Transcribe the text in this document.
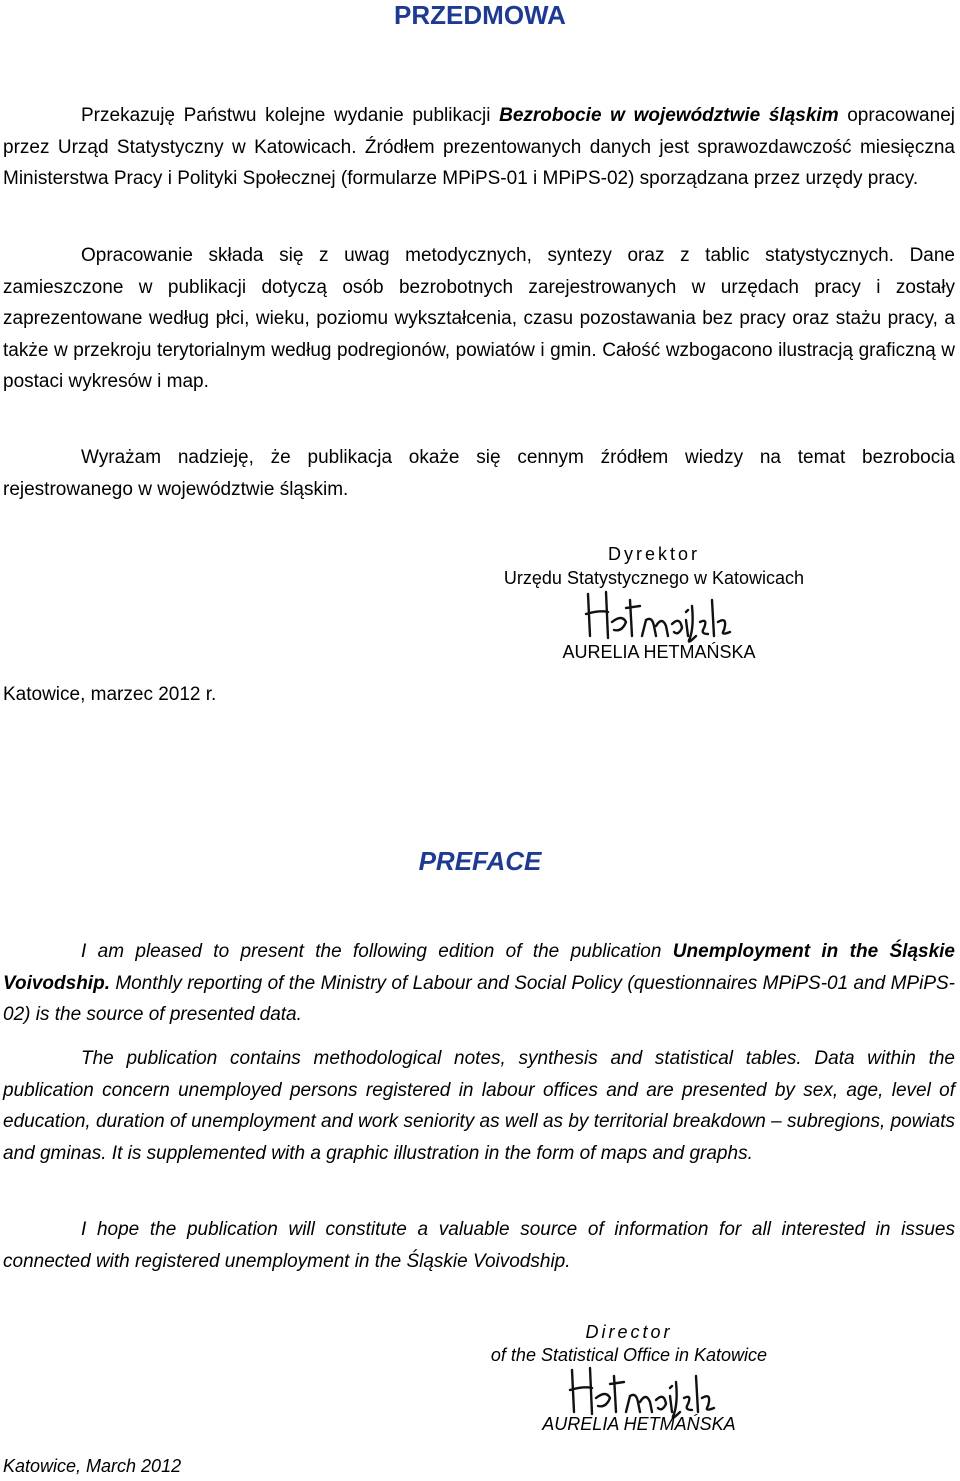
PRZEDMOWA

Przekazuję Państwu kolejne wydanie publikacji Bezrobocie w województwie śląskim opracowanej przez Urząd Statystyczny w Katowicach. Źródłem prezentowanych danych jest sprawozdawczość miesięczna Ministerstwa Pracy i Polityki Społecznej (formularze MPiPS-01 i MPiPS-02) sporządzana przez urzędy pracy.

Opracowanie składa się z uwag metodycznych, syntezy oraz z tablic statystycznych. Dane zamieszczone w publikacji dotyczą osób bezrobotnych zarejestrowanych w urzędach pracy i zostały zaprezentowane według płci, wieku, poziomu wykształcenia, czasu pozostawania bez pracy oraz stażu pracy, a także w przekroju terytorialnym według podregionów, powiatów i gmin. Całość wzbogacono ilustracją graficzną w postaci wykresów i map.

Wyrażam nadzieję, że publikacja okaże się cennym źródłem wiedzy na temat bezrobocia rejestrowanego w województwie śląskim.

Dyrektor

Urzędu Statystycznego w Katowicach

AURELIA HETMAŃSKA

Katowice, marzec 2012 r.

PREFACE

I am pleased to present the following edition of the publication Unemployment in the Śląskie Voivodship. Monthly reporting of the Ministry of Labour and Social Policy (questionnaires MPiPS-01 and MPiPS-02) is the source of presented data.

The publication contains methodological notes, synthesis and statistical tables. Data within the publication concern unemployed persons registered in labour offices and are presented by sex, age, level of education, duration of unemployment and work seniority as well as by territorial breakdown – subregions, powiats and gminas. It is supplemented with a graphic illustration in the form of maps and graphs.

I hope the publication will constitute a valuable source of information for all interested in issues connected with registered unemployment in the Śląskie Voivodship.

Director

of the Statistical Office in Katowice

AURELIA HETMAŃSKA

Katowice, March 2012
